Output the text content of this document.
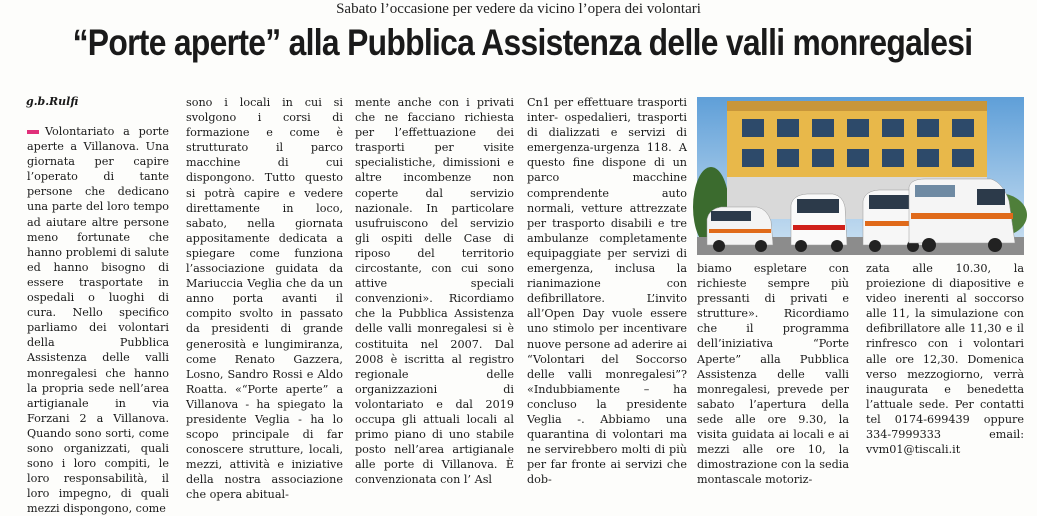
Sabato l’occasione per vedere da vicino l’opera dei volontari
“Porte aperte” alla Pubblica Assistenza delle valli monregalesi
g.b.Rulfi

Volontariato a porte aperte a Villanova. Una giornata per capire l’operato di tante persone che dedicano una parte del loro tempo ad aiutare altre persone meno fortunate che hanno problemi di salute ed hanno bisogno di essere trasportate in ospedali o luoghi di cura. Nello specifico parliamo dei volontari della Pubblica Assistenza delle valli monregalesi che hanno la propria sede nell’area artigianale in via Forzani 2 a Villanova. Quando sono sorti, come sono organizzati, quali sono i loro compiti, le loro responsabilità, il loro impegno, di quali mezzi dispongono, come

sono i locali in cui si svolgono i corsi di formazione e come è strutturato il parco macchine di cui dispongono. Tutto questo si potrà capire e vedere direttamente in loco, sabato, nella giornata appositamente dedicata a spiegare come funziona l’associazione guidata da Mariuccia Veglia che da un anno porta avanti il compito svolto in passato da presidenti di grande generosità e lungimiranza, come Renato Gazzera, Losno, Sandro Rossi e Aldo Roatta. «“Porte aperte” a Villanova - ha spiegato la presidente Veglia - ha lo scopo principale di far conoscere strutture, locali, mezzi, attività e iniziative della nostra associazione che opera abitual-

mente anche con i privati che ne facciano richiesta per l’effettuazione dei trasporti per visite specialistiche, dimissioni e altre incombenze non coperte dal servizio nazionale. In particolare usufruiscono del servizio gli ospiti delle Case di riposo del territorio circostante, con cui sono attive speciali convenzioni». Ricordiamo che la Pubblica Assistenza delle valli monregalesi si è costituita nel 2007. Dal 2008 è iscritta al registro regionale delle organizzazioni di volontariato e dal 2019 occupa gli attuali locali al primo piano di uno stabile posto nell’area artigianale alle porte di Villanova. È convenzionata con l’ Asl

Cn1 per effettuare trasporti inter- ospedalieri, trasporti di dializzati e servizi di emergenza-urgenza 118. A questo fine dispone di un parco macchine comprendente auto normali, vetture attrezzate per trasporto disabili e tre ambulanze completamente equipaggiate per servizi di emergenza, inclusa la rianimazione con defibrillatore. L’invito all’Open Day vuole essere uno stimolo per incentivare nuove persone ad aderire ai “Volontari del Soccorso delle valli monregalesi”? «Indubbiamente – ha concluso la presidente Veglia -. Abbiamo una quarantina di volontari ma ne servirebbero molti di più per far fronte ai servizi che dob-

biamo espletare con richieste sempre più pressanti di privati e strutture». Ricordiamo che il programma dell’iniziativa “Porte Aperte” alla Pubblica Assistenza delle valli monregalesi, prevede per sabato l’apertura della sede alle ore 9.30, la visita guidata ai locali e ai mezzi alle ore 10, la dimostrazione con la sedia montascale motoriz-

zata alle 10.30, la proiezione di diapositive e video inerenti al soccorso alle 11, la simulazione con defibrillatore alle 11,30 e il rinfresco con i volontari alle ore 12,30. Domenica verso mezzogiorno, verrà inaugurata e benedetta l’attuale sede. Per contatti tel 0174-699439 oppure 334-7999333 email: vvm01@tiscali.it
